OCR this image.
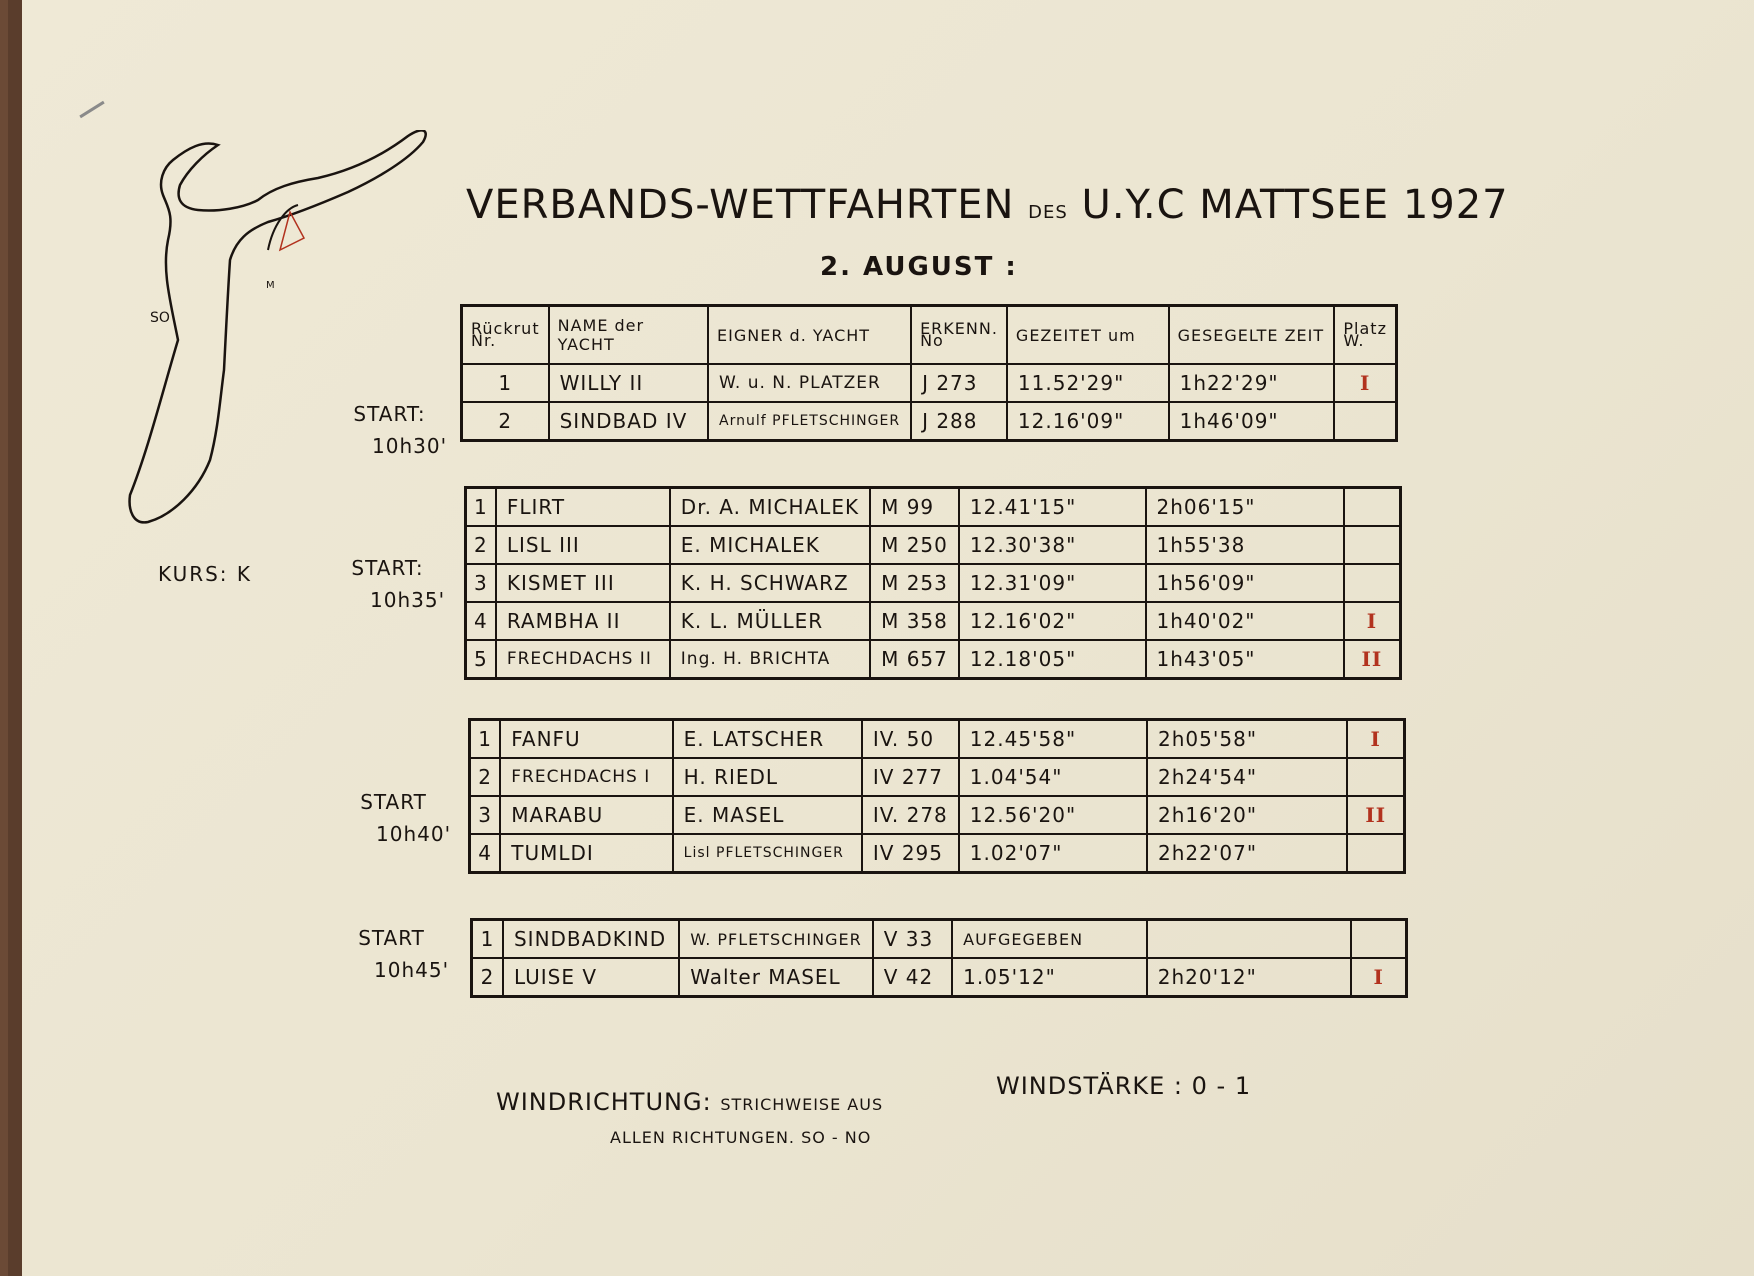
SO
M
VERBANDS-WETTFAHRTEN DES U.Y.C MATTSEE 1927
2. AUGUST :
KURS: K
START:
10h30'
Rückrut Nr.	NAME der YACHT	EIGNER d. YACHT	ERKENN. No	GEZEITET um	GESEGELTE ZEIT	Platz W.
1	WILLY II	W. u. N. PLATZER	J 273	11.52'29"	1h22'29"	I
2	SINDBAD IV	Arnulf PFLETSCHINGER	J 288	12.16'09"	1h46'09"	
START:
10h35'
1	FLIRT	Dr. A. MICHALEK	M 99	12.41'15"	2h06'15"	
2	LISL III	E. MICHALEK	M 250	12.30'38"	1h55'38	
3	KISMET III	K. H. SCHWARZ	M 253	12.31'09"	1h56'09"	
4	RAMBHA II	K. L. MÜLLER	M 358	12.16'02"	1h40'02"	I
5	FRECHDACHS II	Ing. H. BRICHTA	M 657	12.18'05"	1h43'05"	II
START
10h40'
1	FANFU	E. LATSCHER	IV. 50	12.45'58"	2h05'58"	I
2	FRECHDACHS I	H. RIEDL	IV 277	1.04'54"	2h24'54"	
3	MARABU	E. MASEL	IV. 278	12.56'20"	2h16'20"	II
4	TUMLDI	Lisl PFLETSCHINGER	IV 295	1.02'07"	2h22'07"	
START
10h45'
1	SINDBADKIND	W. PFLETSCHINGER	V 33	AUFGEGEBEN		
2	LUISE V	Walter MASEL	V 42	1.05'12"	2h20'12"	I
WINDRICHTUNG: STRICHWEISE AUS
ALLEN RICHTUNGEN. SO - NO
WINDSTÄRKE : 0 - 1
